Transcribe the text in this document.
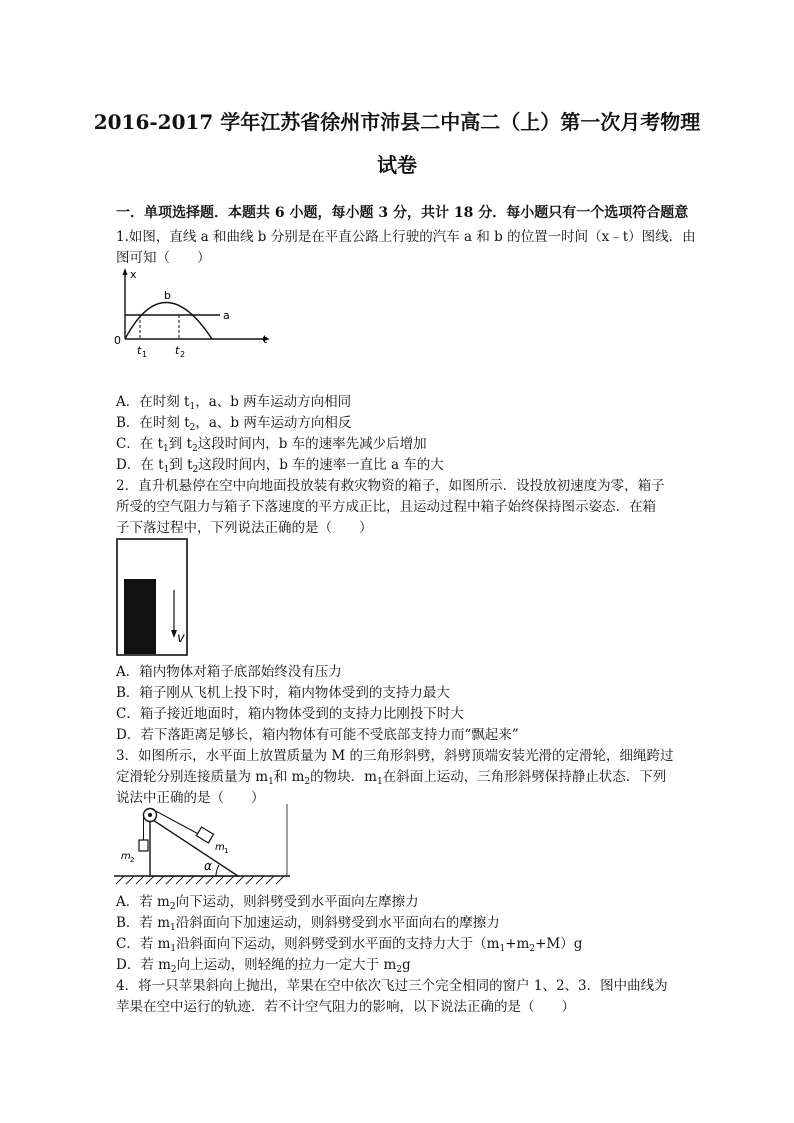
2016-2017 学年江苏省徐州市沛县二中高二（上）第一次月考物理
试卷
一．单项选择题．本题共 6 小题，每小题 3 分，共计 18 分．每小题只有一个选项符合题意
1.如图，直线 a 和曲线 b 分别是在平直公路上行驶的汽车 a 和 b 的位置一时间（x﹣t）图线．由
图可知（　　）
x
t
0
b
a
t 1	t 2
A．在时刻 $t_1$，a、b 两车运动方向相同
B．在时刻 $t_2$，a、b 两车运动方向相反
C．在 $t_1$到 $t_2$这段时间内，b 车的速率先减少后增加
D．在 $t_1$到 $t_2$这段时间内，b 车的速率一直比 a 车的大
2．直升机悬停在空中向地面投放装有救灾物资的箱子，如图所示．设投放初速度为零，箱子
所受的空气阻力与箱子下落速度的平方成正比，且运动过程中箱子始终保持图示姿态．在箱
子下落过程中，下列说法正确的是（　　）
v
A．箱内物体对箱子底部始终没有压力
B．箱子刚从飞机上投下时，箱内物体受到的支持力最大
C．箱子接近地面时，箱内物体受到的支持力比刚投下时大
D．若下落距离足够长，箱内物体有可能不受底部支持力而“飘起来”
3．如图所示，水平面上放置质量为 M 的三角形斜劈，斜劈顶端安装光滑的定滑轮，细绳跨过
定滑轮分别连接质量为 $m_1$和 $m_2$的物块．$m_1$在斜面上运动，三角形斜劈保持静止状态．下列
说法中正确的是（　　）
α
m 1
m 2
A．若 $m_2$向下运动，则斜劈受到水平面向左摩擦力
B．若 $m_1$沿斜面向下加速运动，则斜劈受到水平面向右的摩擦力
C．若 $m_1$沿斜面向下运动，则斜劈受到水平面的支持力大于$(m_1+m_2+M)g$
D．若 $m_2$向上运动，则轻绳的拉力一定大于 $m_2g$
4．将一只苹果斜向上抛出，苹果在空中依次飞过三个完全相同的窗户 1、2、3．图中曲线为
苹果在空中运行的轨迹．若不计空气阻力的影响，以下说法正确的是（　　）
